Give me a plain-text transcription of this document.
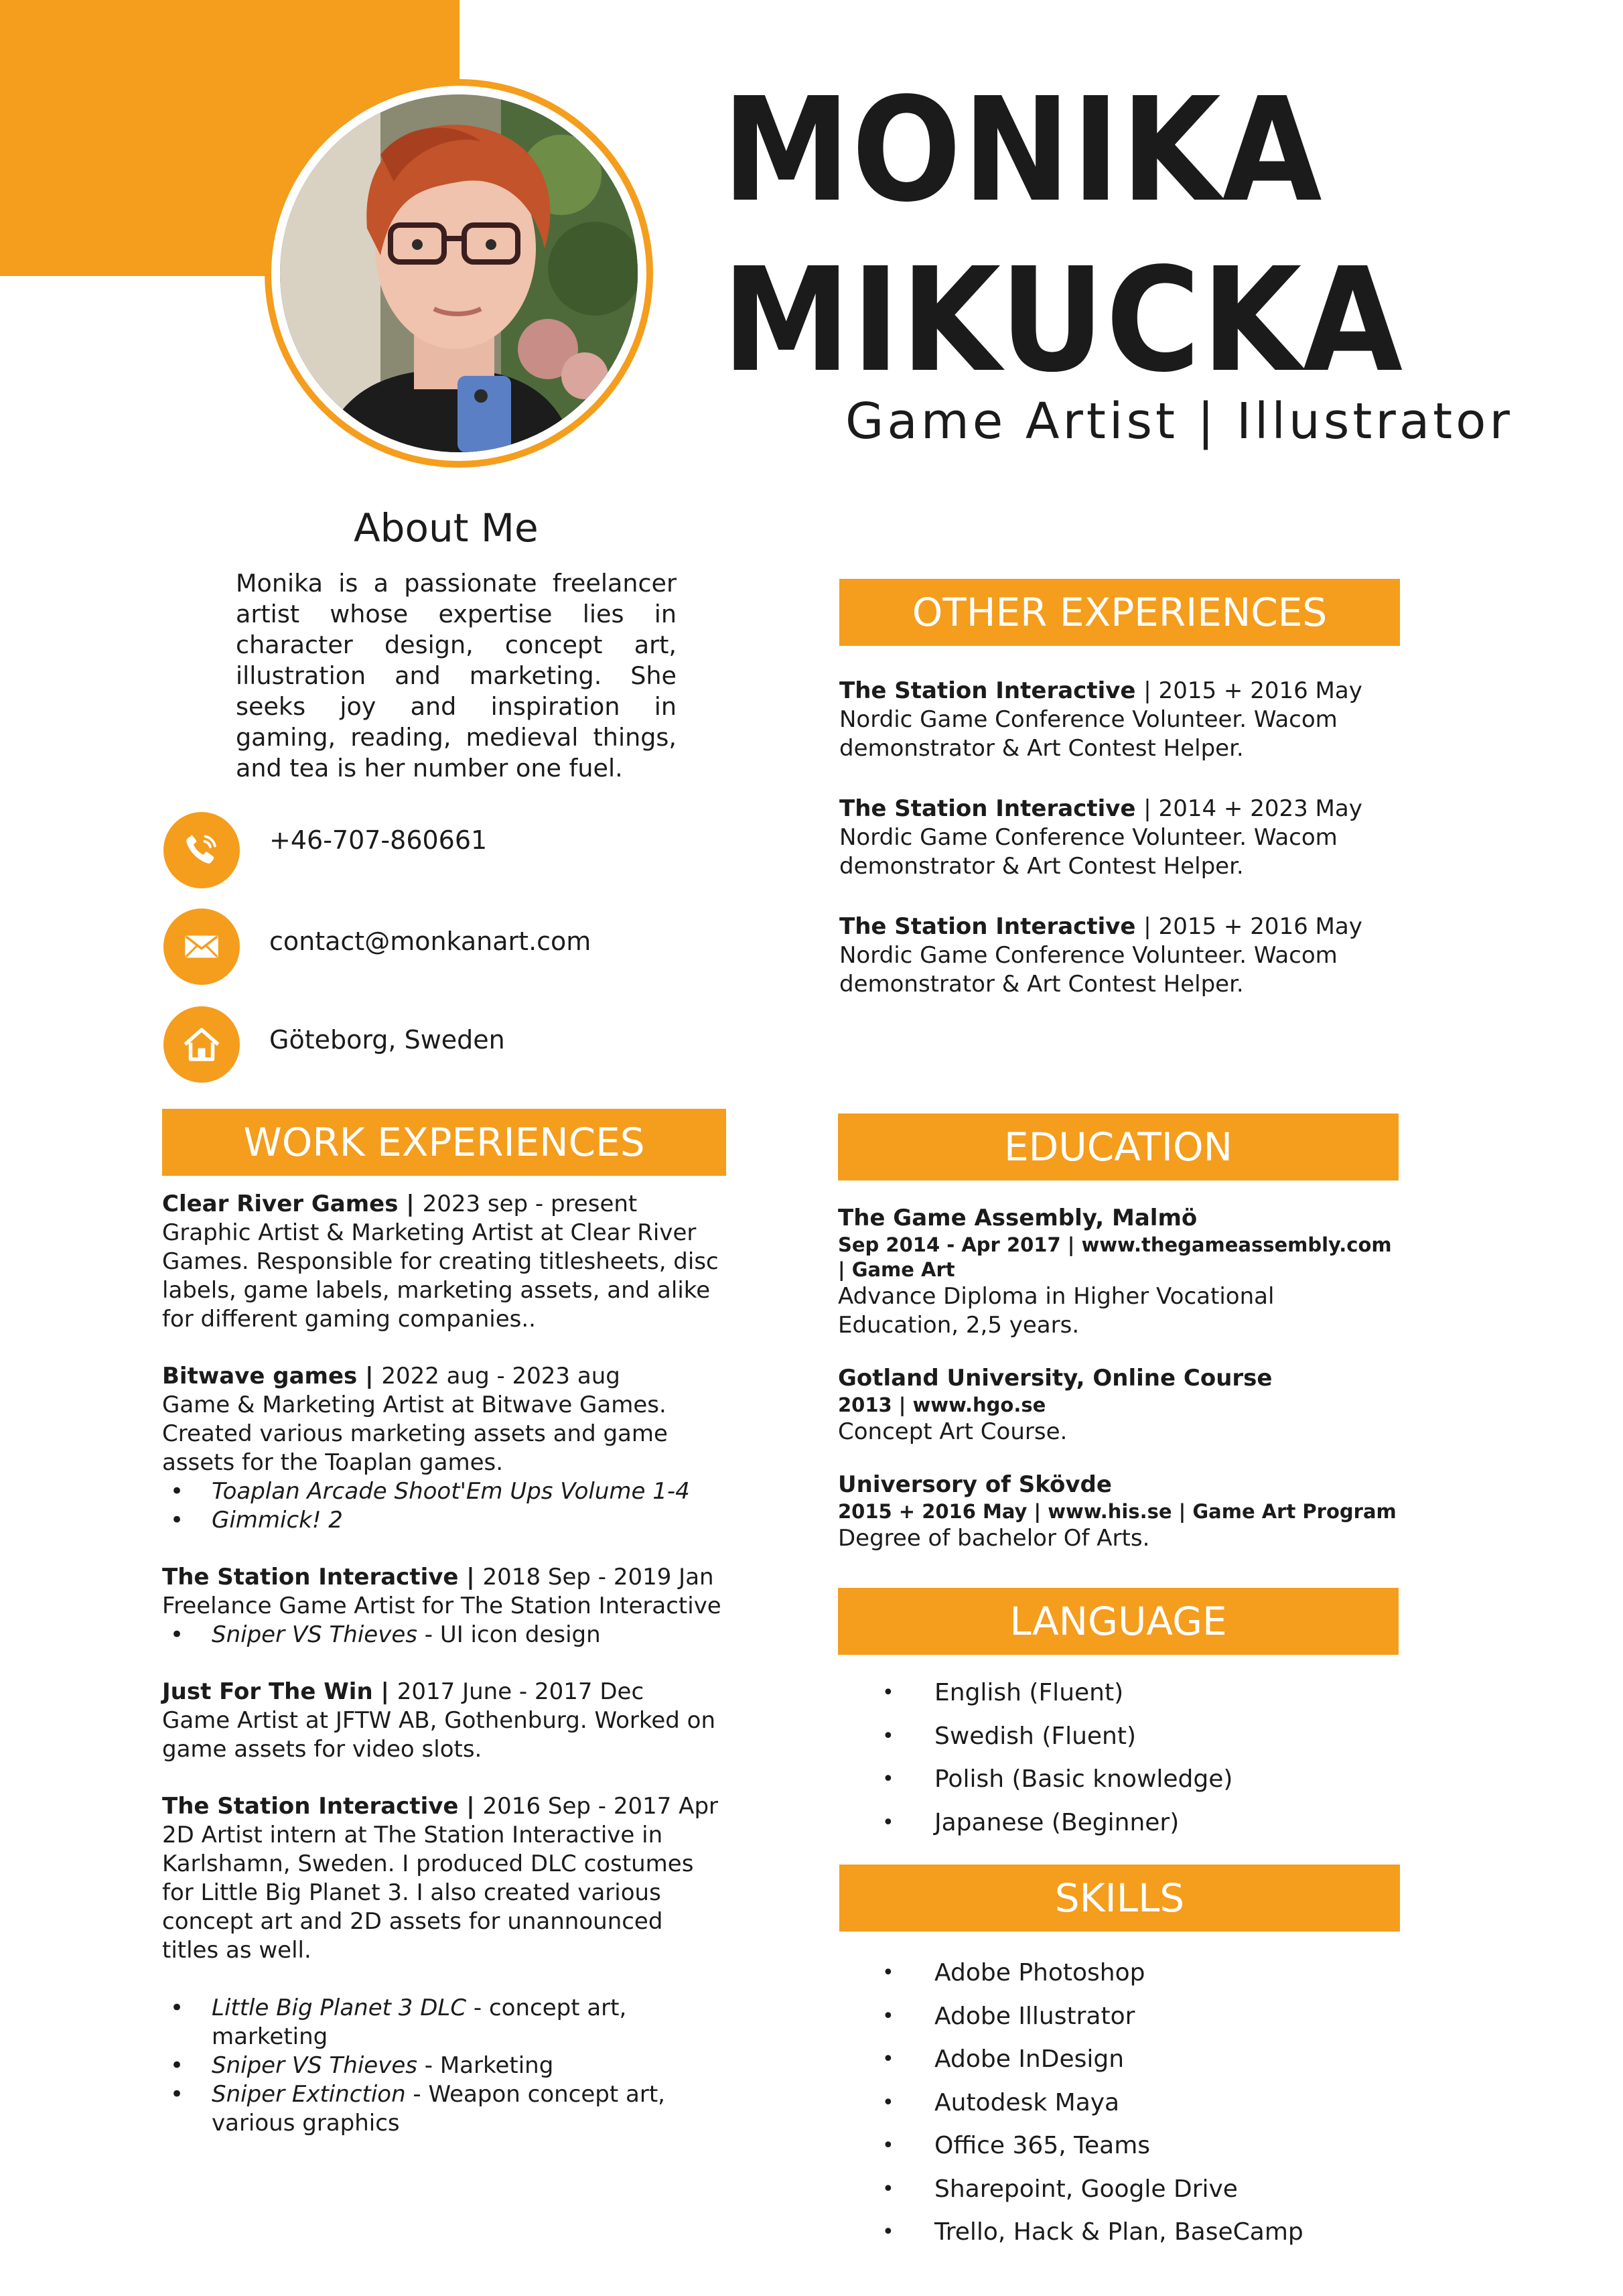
MONIKA
MIKUCKA
Game Artist | Illustrator
About Me

Monika is a passionate freelancer artist whose expertise lies in character design, concept art, illustration and marketing. She seeks joy and inspiration in gaming, reading, medieval things, and tea is her number one fuel.

+46-707-860661
contact@monkanart.com
Göteborg, Sweden
OTHER EXPERIENCES
The Station Interactive | 2015 + 2016 May
Nordic Game Conference Volunteer. Wacom demonstrator & Art Contest Helper.
The Station Interactive | 2014 + 2023 May
Nordic Game Conference Volunteer. Wacom demonstrator & Art Contest Helper.
The Station Interactive | 2015 + 2016 May
Nordic Game Conference Volunteer. Wacom demonstrator & Art Contest Helper.
WORK EXPERIENCES
Clear River Games | 2023 sep - present
Graphic Artist & Marketing Artist at Clear River Games. Responsible for creating titlesheets, disc labels, game labels, marketing assets, and alike for different gaming companies..
Bitwave games | 2022 aug - 2023 aug
Game & Marketing Artist at Bitwave Games. Created various marketing assets and game assets for the Toaplan games.
• Toaplan Arcade Shoot'Em Ups Volume 1-4
• Gimmick! 2
The Station Interactive | 2018 Sep - 2019 Jan
Freelance Game Artist for The Station Interactive
• Sniper VS Thieves - UI icon design
Just For The Win | 2017 June - 2017 Dec
Game Artist at JFTW AB, Gothenburg. Worked on game assets for video slots.
The Station Interactive | 2016 Sep - 2017 Apr
2D Artist intern at The Station Interactive in Karlshamn, Sweden. I produced DLC costumes for Little Big Planet 3. I also created various concept art and 2D assets for unannounced titles as well.
• Little Big Planet 3 DLC - concept art, marketing
• Sniper VS Thieves - Marketing
• Sniper Extinction - Weapon concept art, various graphics
EDUCATION
The Game Assembly, Malmö
Sep 2014 - Apr 2017 | www.thegameassembly.com | Game Art
Advance Diploma in Higher Vocational Education, 2,5 years.
Gotland University, Online Course
2013 | www.hgo.se
Concept Art Course.
Universory of Skövde
2015 + 2016 May | www.his.se | Game Art Program
Degree of bachelor Of Arts.
LANGUAGE
• English (Fluent)
• Swedish (Fluent)
• Polish (Basic knowledge)
• Japanese (Beginner)
SKILLS
• Adobe Photoshop
• Adobe Illustrator
• Adobe InDesign
• Autodesk Maya
• Office 365, Teams
• Sharepoint, Google Drive
• Trello, Hack & Plan, BaseCamp
